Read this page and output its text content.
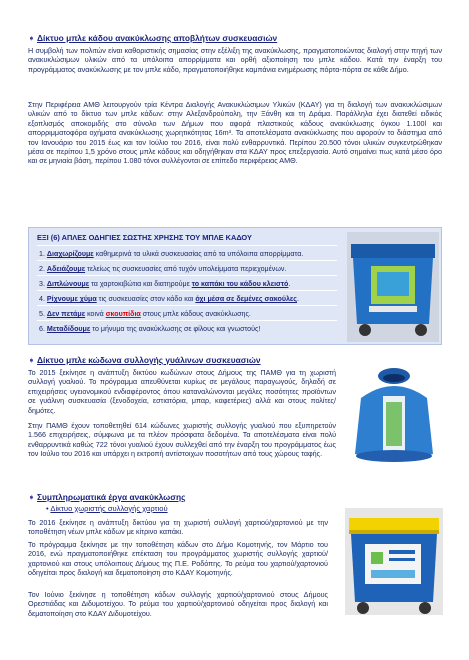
➧ Δίκτυο μπλε κάδου ανακύκλωσης αποβλήτων συσκευασιών

Η συμβολή των πολιτών είναι καθοριστικής σημασίας στην εξέλιξη της ανακύκλωσης, πραγματοποιώντας διαλογή στην πηγή των ανακυκλώσιμων υλικών από τα υπόλοιπα απορρίμματα και ορθή αξιοποίηση του μπλε κάδου. Κατά την έναρξη του προγράμματος ανακύκλωσης με τον μπλε κάδο, πραγματοποιήθηκε καμπάνια ενημέρωσης πόρτα-πόρτα σε κάθε Δήμο.

Στην Περιφέρεια ΑΜΘ λειτουργούν τρία Κέντρα Διαλογής Ανακυκλώσιμων Υλικών (ΚΔΑΥ) για τη διαλογή των ανακυκλώσιμων υλικών από το δίκτυο των μπλε κάδων: στην Αλεξανδρούπολη, την Ξάνθη και τη Δράμα. Παράλληλα έχει διατεθεί ειδικός εξοπλισμός αποκομιδής στο σύνολο των Δήμων που αφορά πλαστικούς κάδους ανακύκλωσης όγκου 1.100l και απορριμματοφόρα οχήματα ανακύκλωσης χωρητικότητας 16m³. Τα αποτελέσματα ανακύκλωσης που αφορούν το διάστημα από τον Ιανουάριο του 2015 έως και τον Ιούλιο του 2016, είναι πολύ ενθαρρυντικά. Περίπου 20.500 τόνοι υλικών συγκεντρώθηκαν μέσα σε περίπου 1,5 χρόνο στους μπλε κάδους και οδηγήθηκαν στα ΚΔΑΥ προς επεξεργασία. Αυτό σημαίνει πως κατά μέσο όρο και σε μηνιαία βάση, περίπου 1.080 τόνοι συλλέγονται σε επίπεδο περιφέρειας ΑΜΘ.

ΕΞΙ (6) ΑΠΛΕΣ ΟΔΗΓΙΕΣ ΣΩΣΤΗΣ ΧΡΗΣΗΣ ΤΟΥ ΜΠΛΕ ΚΑΔΟΥ
1. Διαχωρίζουμε καθημερινά τα υλικά συσκευασίας από τα υπόλοιπα απορρίμματα.
2. Αδειάζουμε τελείως τις συσκευασίες από τυχόν υπολείμματα περιεχομένων.
3. Διπλώνουμε τα χαρτοκιβώτια και διατηρούμε το καπάκι του κάδου κλειστό.
4. Ρίχνουμε χύμα τις συσκευασίες στον κάδο και όχι μέσα σε δεμένες σακούλες.
5. Δεν πετάμε κοινά σκουπίδια στους μπλε κάδους ανακύκλωσης.
6. Μεταδίδουμε το μήνυμα της ανακύκλωσης σε φίλους και γνωστούς!
➧ Δίκτυο μπλε κώδωνα συλλογής γυάλινων συσκευασιών

Το 2015 ξεκίνησε η ανάπτυξη δικτύου κωδώνων στους Δήμους της ΠΑΜΘ για τη χωριστή συλλογή γυαλιού. Το πρόγραμμα απευθύνεται κυρίως σε μεγάλους παραγωγούς, δηλαδή σε επιχειρήσεις υγειονομικού ενδιαφέροντος όπου καταναλώνονται μεγάλες ποσότητες προϊόντων σε γυάλινη συσκευασία (ξενοδοχεία, εστιατόρια, μπαρ, καφετέριες) αλλά και στους πολίτες/δημότες.

Στην ΠΑΜΘ έχουν τοποθετηθεί 614 κώδωνες χωριστής συλλογής γυαλιού που εξυπηρετούν 1.566 επιχειρήσεις, σύμφωνα με τα πλέον πρόσφατα δεδομένα. Τα αποτελέσματα είναι πολύ ενθαρρυντικά καθώς 722 τόνοι γυαλιού έχουν συλλεχθεί από την έναρξη του προγράμματος έως τον Ιούλιο του 2016 και υπάρχει η εκτροπή αντίστοιχων ποσοτήτων από τους χώρους ταφής.

➧ Συμπληρωματικά έργα ανακύκλωσης
• Δίκτυο χωριστής συλλογής χαρτιού

Το 2016 ξεκίνησε η ανάπτυξη δικτύου για τη χωριστή συλλογή χαρτιού/χαρτονιού με την τοποθέτηση νέων μπλε κάδων με κίτρινο καπάκι.

Το πρόγραμμα ξεκίνησε με την τοποθέτηση κάδων στο Δήμο Κομοτηνής, τον Μάρτιο του 2016, ενώ πραγματοποιήθηκε επέκταση του προγράμματος χωριστής συλλογής χαρτιού/χαρτονιού και στους υπόλοιπους Δήμους της Π.Ε. Ροδόπης. Το ρεύμα του χαρτιού/χαρτονιού οδηγείται προς διαλογή και δεματοποίηση στο ΚΔΑΥ Κομοτηνής.

Τον Ιούνιο ξεκίνησε η τοποθέτηση κάδων συλλογής χαρτιού/χαρτονιού στους Δήμους Ορεστιάδας και Διδυμοτείχου. Το ρεύμα του χαρτιού/χαρτονιού οδηγείται προς διαλογή και δεματοποίηση στο ΚΔΑΥ Διδυμοτείχου.
